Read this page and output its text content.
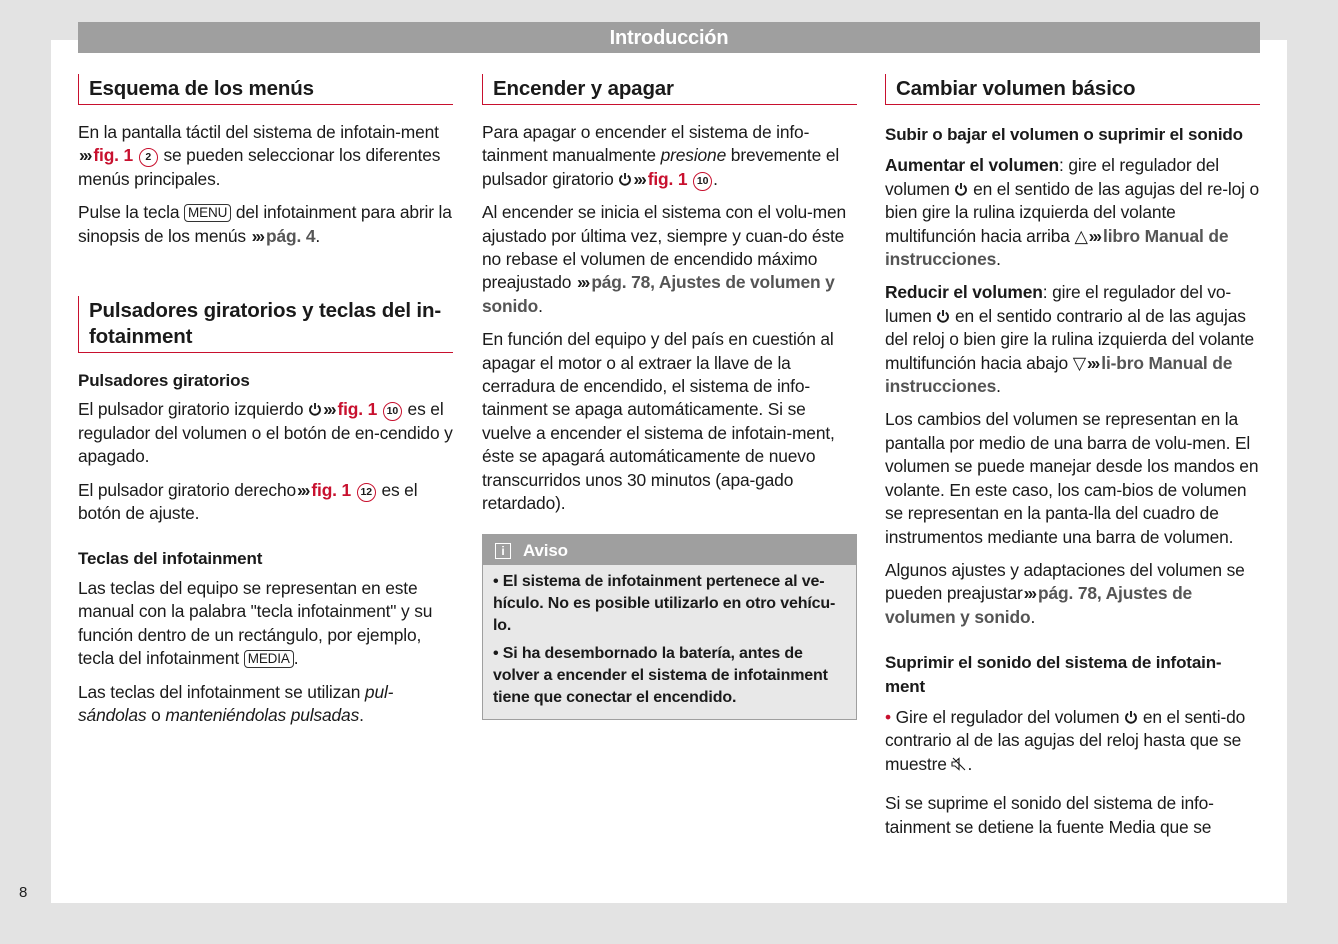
Introducción
8
Esquema de los menús

En la pantalla táctil del sistema de infotain-ment ››› fig. 1 2 se pueden seleccionar los diferentes menús principales.

Pulse la tecla MENU del infotainment para abrir la sinopsis de los menús ››› pág. 4.

Pulsadores giratorios y teclas del in-fotainment

Pulsadores giratorios

El pulsador giratorio izquierdo ››› fig. 1 10 es el regulador del volumen o el botón de en-cendido y apagado.

El pulsador giratorio derecho››› fig. 1 12 es el botón de ajuste.

Teclas del infotainment

Las teclas del equipo se representan en este manual con la palabra "tecla infotainment" y su función dentro de un rectángulo, por ejemplo, tecla del infotainment MEDIA .

Las teclas del infotainment se utilizan pul-sándolas o manteniéndolas pulsadas.

Encender y apagar

Para apagar o encender el sistema de info-tainment manualmente presione brevemente el pulsador giratorio ››› fig. 1 10 .

Al encender se inicia el sistema con el volu-men ajustado por última vez, siempre y cuan-do éste no rebase el volumen de encendido máximo preajustado ››› pág. 78, Ajustes de volumen y sonido.

En función del equipo y del país en cuestión al apagar el motor o al extraer la llave de la cerradura de encendido, el sistema de info-tainment se apaga automáticamente. Si se vuelve a encender el sistema de infotain-ment, éste se apagará automáticamente de nuevo transcurridos unos 30 minutos (apa-gado retardado).

i Aviso

• El sistema de infotainment pertenece al ve-hículo. No es posible utilizarlo en otro vehícu-lo.

• Si ha desembornado la batería, antes de volver a encender el sistema de infotainment tiene que conectar el encendido.

Cambiar volumen básico

Subir o bajar el volumen o suprimir el sonido

Aumentar el volumen: gire el regulador del volumen en el sentido de las agujas del re-loj o bien gire la rulina izquierda del volante multifunción hacia arriba △››› libro Manual de instrucciones.

Reducir el volumen: gire el regulador del vo-lumen en el sentido contrario al de las agujas del reloj o bien gire la rulina izquierda del volante multifunción hacia abajo ▽››› li-bro Manual de instrucciones.

Los cambios del volumen se representan en la pantalla por medio de una barra de volu-men. El volumen se puede manejar desde los mandos en volante. En este caso, los cam-bios de volumen se representan en la panta-lla del cuadro de instrumentos mediante una barra de volumen.

Algunos ajustes y adaptaciones del volumen se pueden preajustar››› pág. 78, Ajustes de volumen y sonido.

Suprimir el sonido del sistema de infotain-ment

• Gire el regulador del volumen en el senti-do contrario al de las agujas del reloj hasta que se muestre .

Si se suprime el sonido del sistema de info-tainment se detiene la fuente Media que se
